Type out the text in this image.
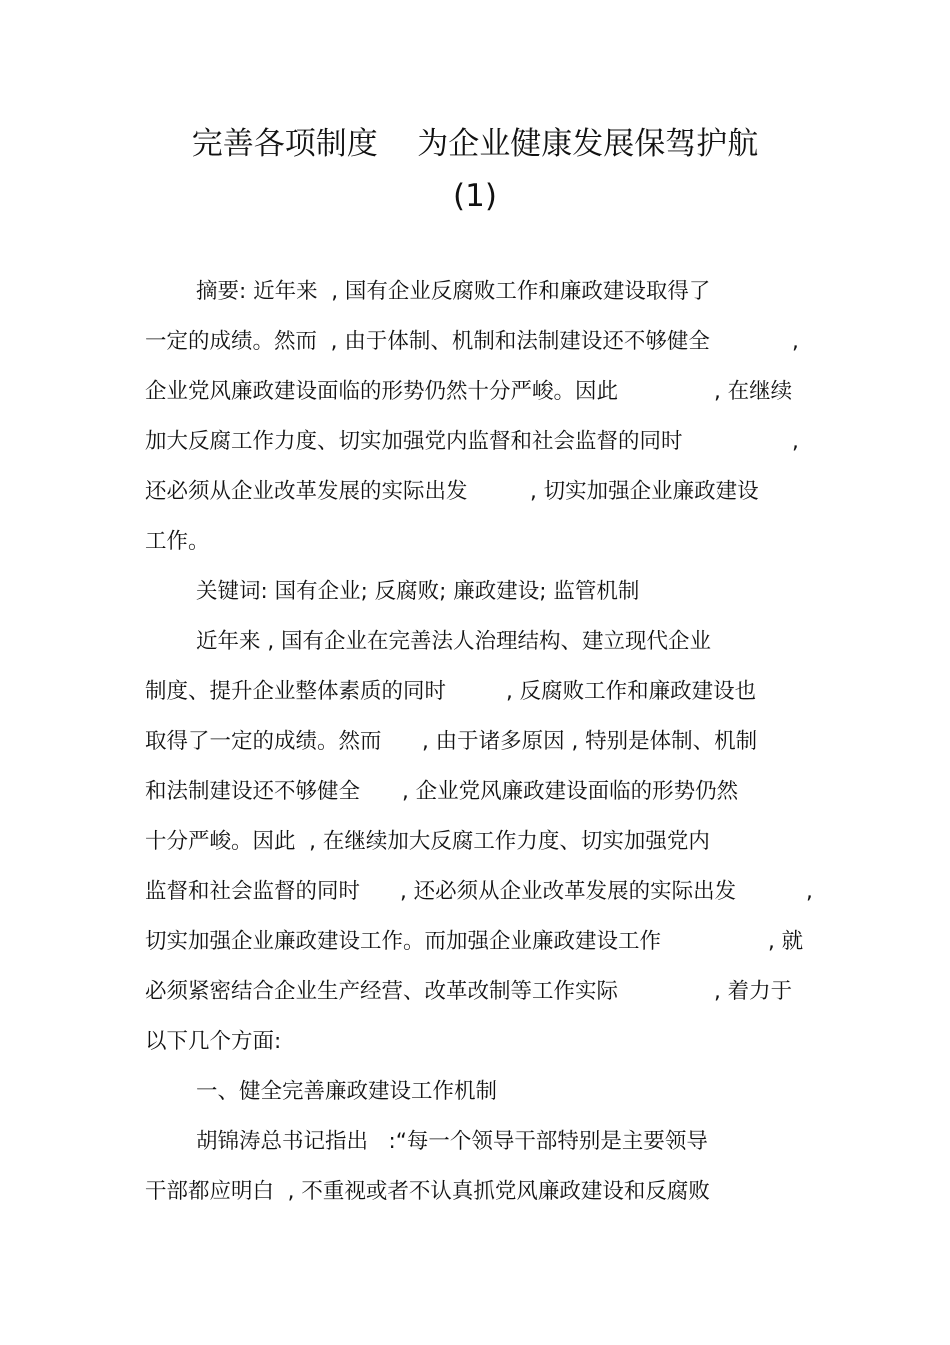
完善各项制度    为企业健康发展保驾护航
(1)
摘要: 近年来  , 国有企业反腐败工作和廉政建设取得了
一定的成绩。然而  , 由于体制、机制和法制建设还不够健全	,
企业党风廉政建设面临的形势仍然十分严峻。因此	, 在继续
加大反腐工作力度、切实加强党内监督和社会监督的同时	,
还必须从企业改革发展的实际出发	, 切实加强企业廉政建设
工作。
关键词: 国有企业; 反腐败; 廉政建设; 监管机制
近年来 , 国有企业在完善法人治理结构、建立现代企业
制度、提升企业整体素质的同时	, 反腐败工作和廉政建设也
取得了一定的成绩。然而 , 由于诸多原因 , 特别是体制、机制
和法制建设还不够健全 , 企业党风廉政建设面临的形势仍然
十分严峻。因此  , 在继续加大反腐工作力度、切实加强党内
监督和社会监督的同时	,
, 还必须从企业改革发展的实际出发
切实加强企业廉政建设工作。而加强企业廉政建设工作	, 就
必须紧密结合企业生产经营、改革改制等工作实际	, 着力于
以下几个方面:
一、健全完善廉政建设工作机制
胡锦涛总书记指出   :“每一个领导干部特别是主要领导
干部都应明白  , 不重视或者不认真抓党风廉政建设和反腐败
